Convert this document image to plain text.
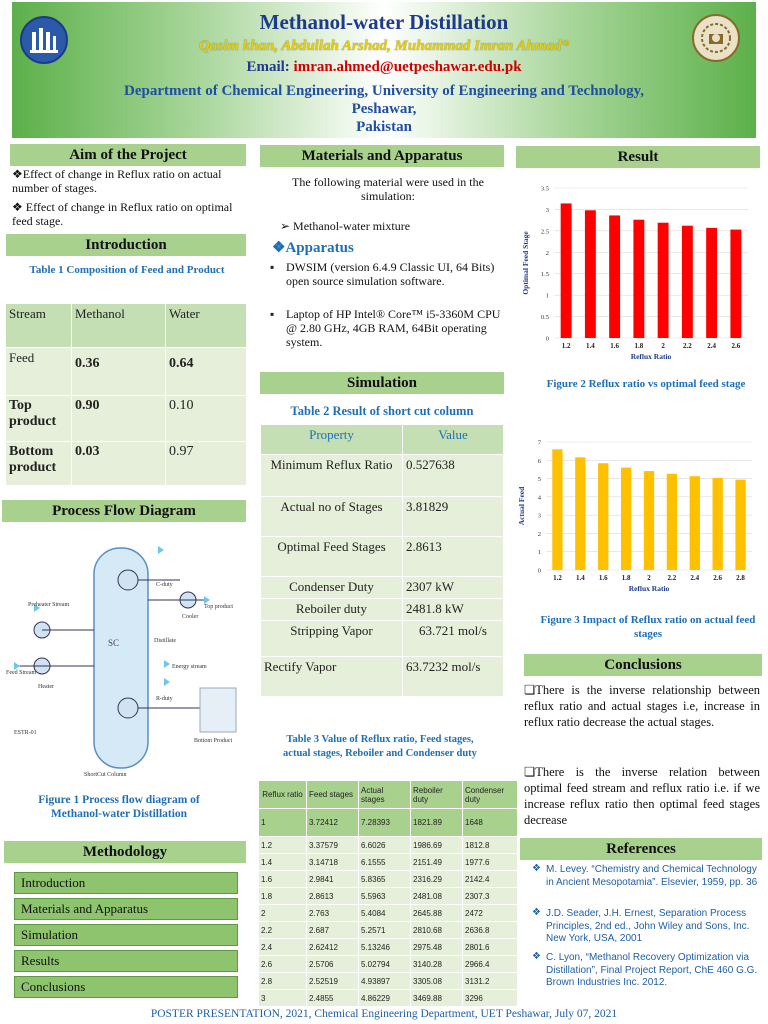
Methanol-water Distillation
Qasim khan, Abdullah Arshad, Muhammad Imran Ahmad*
Email: imran.ahmed@uetpeshawar.edu.pk
Department of Chemical Engineering, University of Engineering and Technology,
Peshawar,
Pakistan
Aim of the Project
❖Effect of change in Reflux ratio on actual number of stages.
❖ Effect of change in Reflux ratio on optimal feed stage.
Introduction
Table 1 Composition of Feed and Product
Stream	Methanol	Water
Feed	0.36	0.64
Top product	0.90	0.10
Bottom product	0.03	0.97
Process Flow Diagram
SC
Preheater Stream
Feed Stream
Heater
C-duty
Cooler
Top product
Distillate
Energy stream
R-duty
Bottom Product
ESTR-01
ShortCut Column
Figure 1 Process flow diagram of Methanol-water Distillation
Methodology
Introduction
Materials and Apparatus
Simulation
Results
Conclusions
Materials and Apparatus
The following material were used in the simulation:
➢ Methanol-water mixture
❖Apparatus
▪ DWSIM (version 6.4.9 Classic UI, 64 Bits) open source simulation software.
▪ Laptop of HP Intel® Core™ i5-3360M CPU @ 2.80 GHz, 4GB RAM, 64Bit operating system.
Simulation
Table 2 Result of short cut column
Property	Value
Minimum Reflux Ratio	0.527638
Actual no of Stages	3.81829
Optimal Feed Stages	2.8613
Condenser Duty	2307 kW
Reboiler duty	2481.8 kW
Stripping Vapor	63.721 mol/s
Rectify Vapor	63.7232 mol/s
Table 3 Value of Reflux ratio, Feed stages, actual stages, Reboiler and Condenser duty
Reflux ratio	Feed stages	Actual stages	Reboiler duty	Condenser duty
1	3.72412	7.28393	1821.89	1648
1.2	3.37579	6.6026	1986.69	1812.8
1.4	3.14718	6.1555	2151.49	1977.6
1.6	2.9841	5.8365	2316.29	2142.4
1.8	2.8613	5.5963	2481.08	2307.3
2	2.763	5.4084	2645.88	2472
2.2	2.687	5.2571	2810.68	2636.8
2.4	2.62412	5.13246	2975.48	2801.6
2.6	2.5706	5.02794	3140.28	2966.4
2.8	2.52519	4.93897	3305.08	3131.2
3	2.4855	4.86229	3469.88	3296
Result
0
0.5
1
1.5
2
2.5
3
3.5
1.2 1.4 1.6 1.8	2	2.2 2.4 2.6
Reflux Ratio
Optimal Feed Stage
Figure 2 Reflux ratio vs optimal feed stage
0
1
2
3
4
5
6
7
1.2 1.4 1.6 1.8 2 2.2 2.4 2.6 2.8
Reflux Ratio
Actual Feed
Figure 3 Impact of Reflux ratio on actual feed stages
Conclusions
❏There is the inverse relationship between reflux ratio and actual stages i.e, increase in reflux ratio decrease the actual stages.
❏There is the inverse relation between optimal feed stream and reflux ratio i.e. if we increase reflux ratio then optimal feed stages decrease
References
❖ M. Levey. “Chemistry and Chemical Technology in Ancient Mesopotamia”. Elsevier, 1959, pp. 36
❖ J.D. Seader, J.H. Ernest, Separation Process Principles, 2nd ed., John Wiley and Sons, Inc. New York, USA, 2001
❖ C. Lyon, “Methanol Recovery Optimization via Distillation”, Final Project Report, ChE 460 G.G. Brown Industries Inc. 2012.
POSTER PRESENTATION, 2021, Chemical Engineering Department, UET Peshawar, July 07, 2021
